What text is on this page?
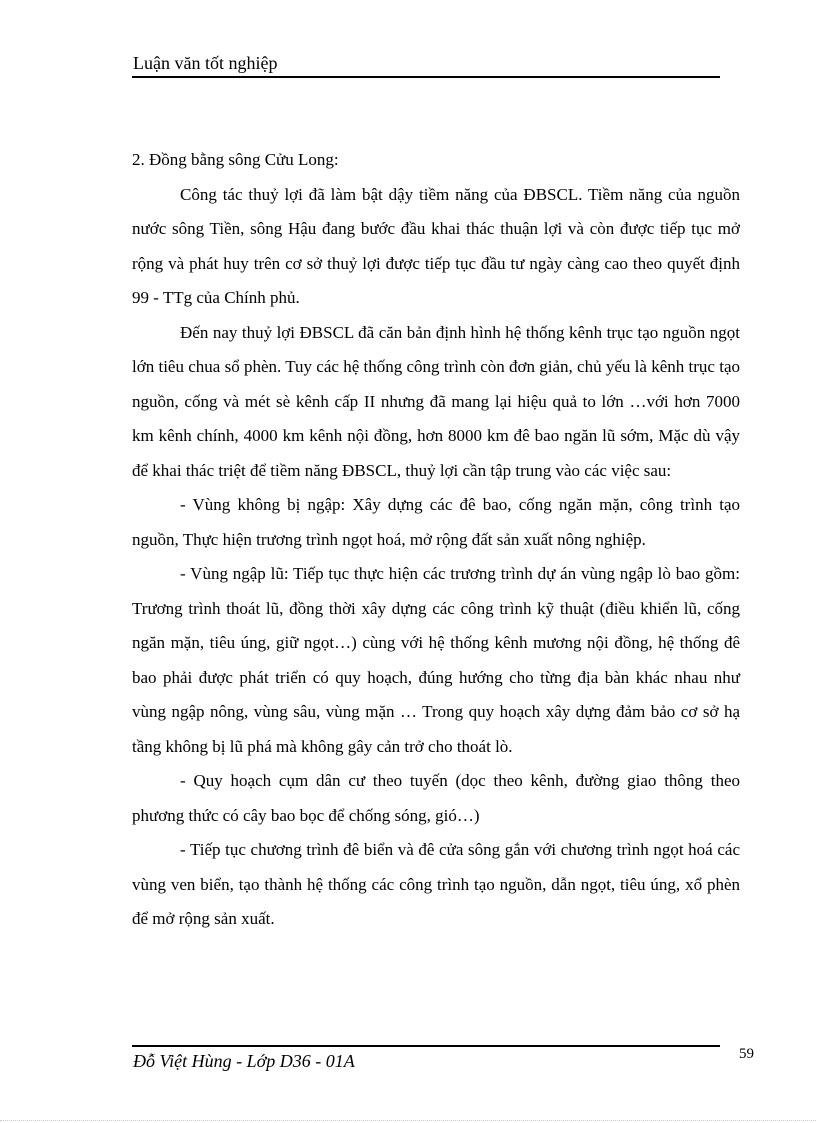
Luận văn tốt nghiệp

2. Đồng bằng sông Cửu Long:

Công tác thuỷ lợi đã làm bật dậy tiềm năng của ĐBSCL. Tiềm năng của nguồn nước sông Tiền, sông Hậu đang bước đầu khai thác thuận lợi và còn được tiếp tục mở rộng và phát huy trên cơ sở thuỷ lợi được tiếp tục đầu tư ngày càng cao theo quyết định 99 - TTg của Chính phủ.

Đến nay thuỷ lợi ĐBSCL đã căn bản định hình hệ thống kênh trục tạo nguồn ngọt lớn tiêu chua sổ phèn. Tuy các hệ thống công trình còn đơn giản, chủ yếu là kênh trục tạo nguồn, cống và mét sè kênh cấp II nhưng đã mang lại hiệu quả to lớn …với hơn 7000 km kênh chính, 4000 km kênh nội đồng, hơn 8000 km đê bao ngăn lũ sớm, Mặc dù vậy để khai thác triệt để tiềm năng ĐBSCL, thuỷ lợi cần tập trung vào các việc sau:

- Vùng không bị ngập: Xây dựng các đê bao, cống ngăn mặn, công trình tạo nguồn, Thực hiện trương trình ngọt hoá, mở rộng đất sản xuất nông nghiệp.

- Vùng ngập lũ: Tiếp tục thực hiện các trương trình dự án vùng ngập lò bao gồm: Trương trình thoát lũ, đồng thời xây dựng các công trình kỹ thuật (điều khiển lũ, cống ngăn mặn, tiêu úng, giữ ngọt…) cùng với hệ thống kênh mương nội đồng, hệ thống đê bao phải được phát triển có quy hoạch, đúng hướng cho từng địa bàn khác nhau như vùng ngập nông, vùng sâu, vùng mặn … Trong quy hoạch xây dựng đảm bảo cơ sở hạ tầng không bị lũ phá mà không gây cản trở cho thoát lò.

- Quy hoạch cụm dân cư theo tuyến (dọc theo kênh, đường giao thông theo phương thức có cây bao bọc để chống sóng, gió…)

- Tiếp tục chương trình đê biển và đê cửa sông gắn với chương trình ngọt hoá các vùng ven biển, tạo thành hệ thống các công trình tạo nguồn, dẫn ngọt, tiêu úng, xổ phèn để mở rộng sản xuất.

Đỗ Việt Hùng - Lớp D36 - 01A	59
